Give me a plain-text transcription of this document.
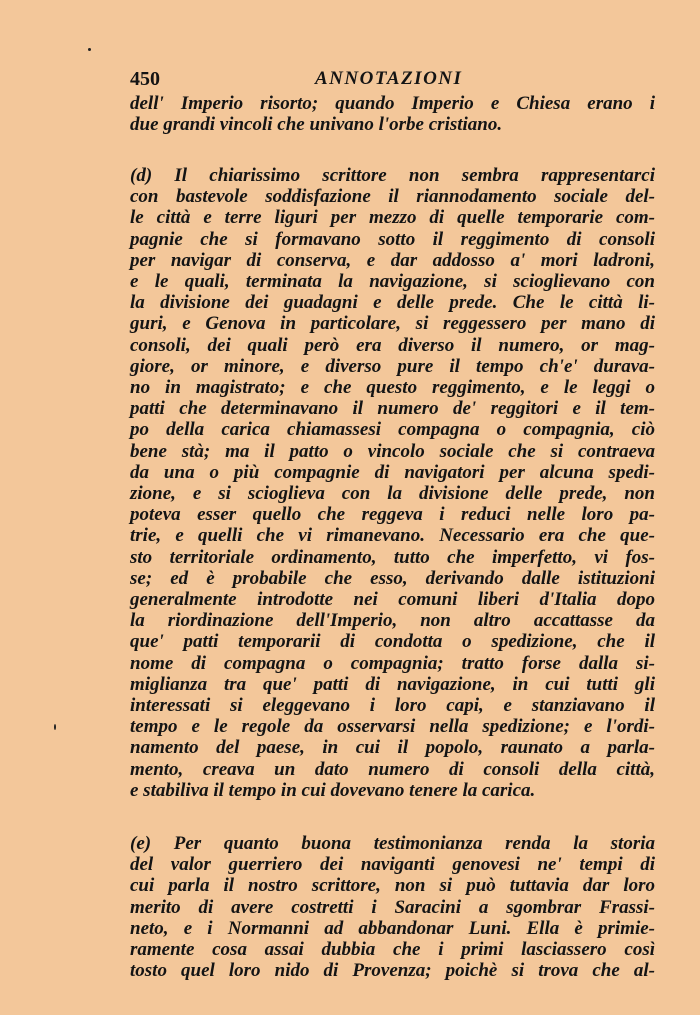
450	ANNOTAZIONI
dell' Imperio risorto; quando Imperio e Chiesa erano i
due grandi vincoli che univano l'orbe cristiano.
(d) Il chiarissimo scrittore non sembra rappresentarci
con bastevole soddisfazione il riannodamento sociale del-
le città e terre liguri per mezzo di quelle temporarie com-
pagnie che si formavano sotto il reggimento di consoli
per navigar di conserva, e dar addosso a' mori ladroni,
e le quali, terminata la navigazione, si scioglievano con
la divisione dei guadagni e delle prede. Che le città li-
guri, e Genova in particolare, si reggessero per mano di
consoli, dei quali però era diverso il numero, or mag-
giore, or minore, e diverso pure il tempo ch'e' durava-
no in magistrato; e che questo reggimento, e le leggi o
patti che determinavano il numero de' reggitori e il tem-
po della carica chiamassesi compagna o compagnia, ciò
bene stà; ma il patto o vincolo sociale che si contraeva
da una o più compagnie di navigatori per alcuna spedi-
zione, e si scioglieva con la divisione delle prede, non
poteva esser quello che reggeva i reduci nelle loro pa-
trie, e quelli che vi rimanevano. Necessario era che que-
sto territoriale ordinamento, tutto che imperfetto, vi fos-
se; ed è probabile che esso, derivando dalle istituzioni
generalmente introdotte nei comuni liberi d'Italia dopo
la riordinazione dell'Imperio, non altro accattasse da
que' patti temporarii di condotta o spedizione, che il
nome di compagna o compagnia; tratto forse dalla si-
miglianza tra que' patti di navigazione, in cui tutti gli
interessati si eleggevano i loro capi, e stanziavano il
tempo e le regole da osservarsi nella spedizione; e l'ordi-
namento del paese, in cui il popolo, raunato a parla-
mento, creava un dato numero di consoli della città,
e stabiliva il tempo in cui dovevano tenere la carica.
(e) Per quanto buona testimonianza renda la storia
del valor guerriero dei naviganti genovesi ne' tempi di
cui parla il nostro scrittore, non si può tuttavia dar loro
merito di avere costretti i Saracini a sgombrar Frassi-
neto, e i Normanni ad abbandonar Luni. Ella è primie-
ramente cosa assai dubbia che i primi lasciassero così
tosto quel loro nido di Provenza; poichè si trova che al-
